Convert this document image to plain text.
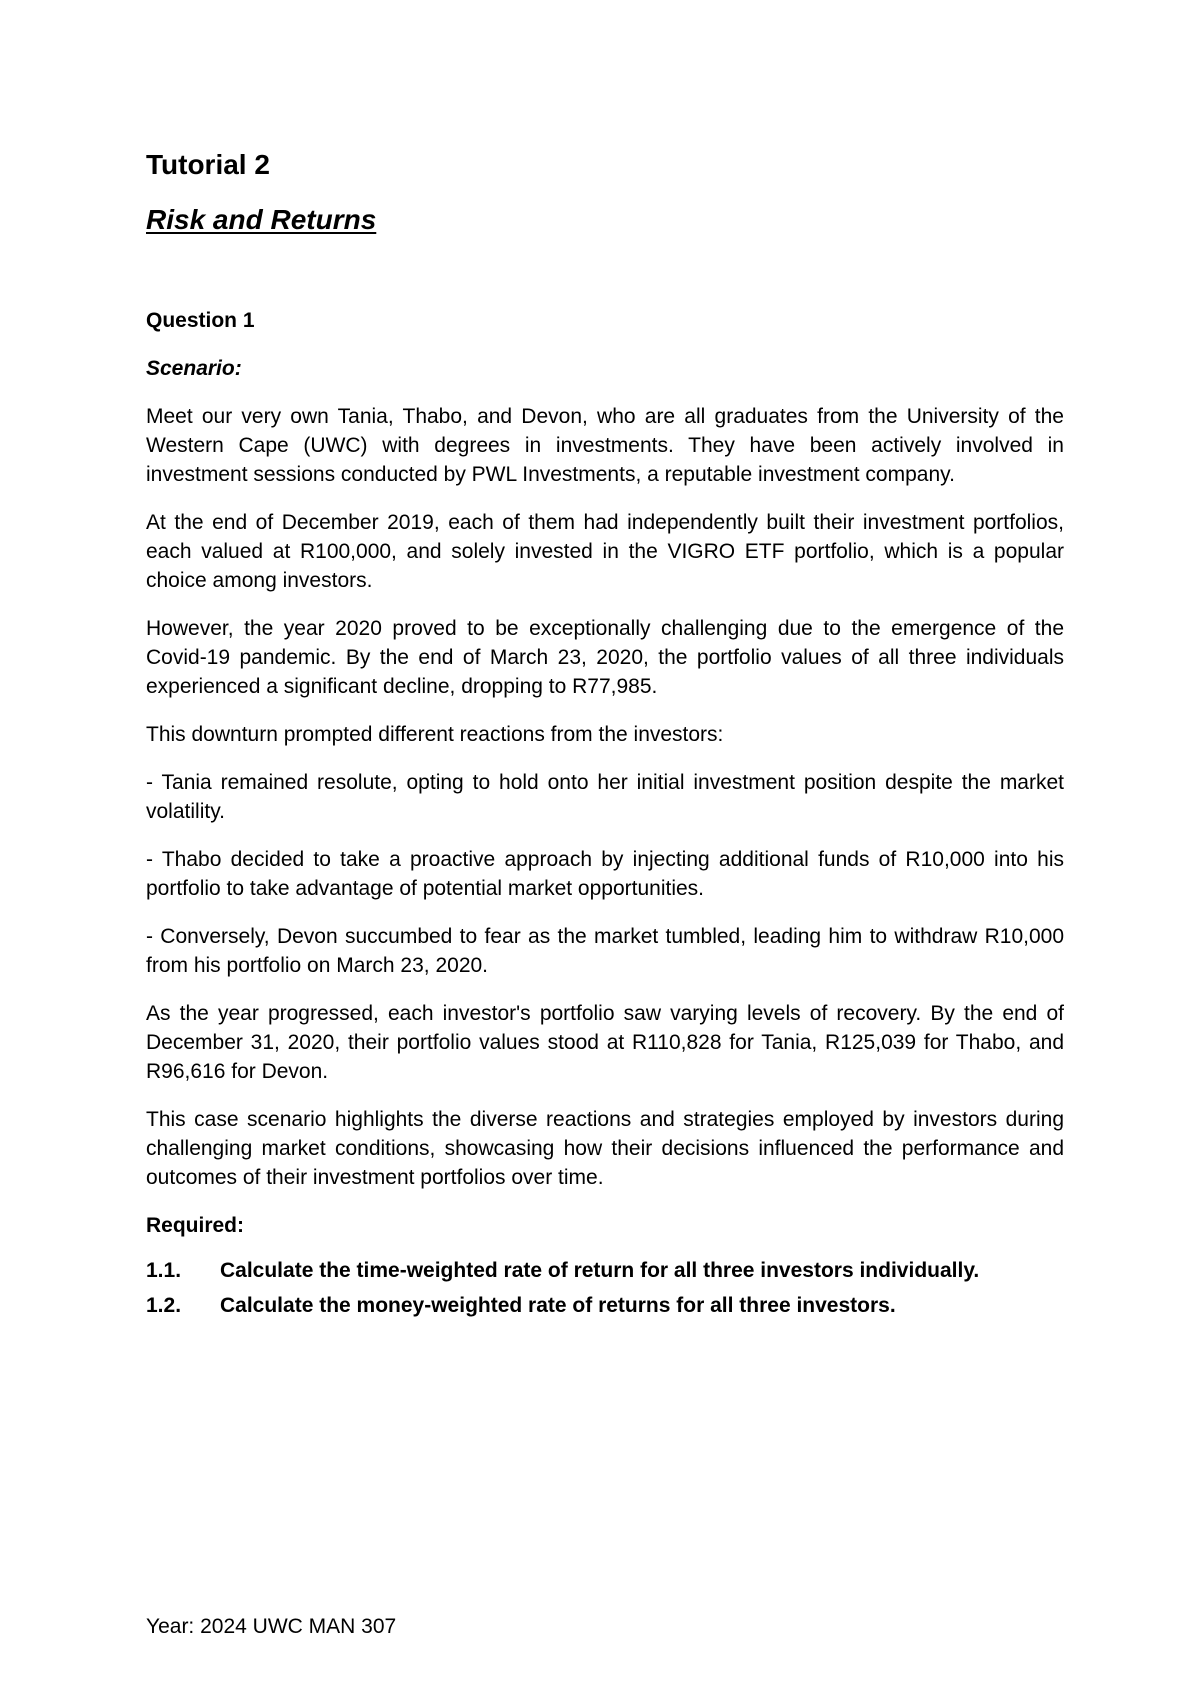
Tutorial 2
Risk and Returns
Question 1
Scenario:

Meet our very own Tania, Thabo, and Devon, who are all graduates from the University of the Western Cape (UWC) with degrees in investments. They have been actively involved in investment sessions conducted by PWL Investments, a reputable investment company.

At the end of December 2019, each of them had independently built their investment portfolios, each valued at R100,000, and solely invested in the VIGRO ETF portfolio, which is a popular choice among investors.

However, the year 2020 proved to be exceptionally challenging due to the emergence of the Covid-19 pandemic. By the end of March 23, 2020, the portfolio values of all three individuals experienced a significant decline, dropping to R77,985.

This downturn prompted different reactions from the investors:

- Tania remained resolute, opting to hold onto her initial investment position despite the market volatility.

- Thabo decided to take a proactive approach by injecting additional funds of R10,000 into his portfolio to take advantage of potential market opportunities.

- Conversely, Devon succumbed to fear as the market tumbled, leading him to withdraw R10,000 from his portfolio on March 23, 2020.

As the year progressed, each investor's portfolio saw varying levels of recovery. By the end of December 31, 2020, their portfolio values stood at R110,828 for Tania, R125,039 for Thabo, and R96,616 for Devon.

This case scenario highlights the diverse reactions and strategies employed by investors during challenging market conditions, showcasing how their decisions influenced the performance and outcomes of their investment portfolios over time.

Required:
1.1.	Calculate the time-weighted rate of return for all three investors individually.
1.2.	Calculate the money-weighted rate of returns for all three investors.
Year: 2024 UWC MAN 307
